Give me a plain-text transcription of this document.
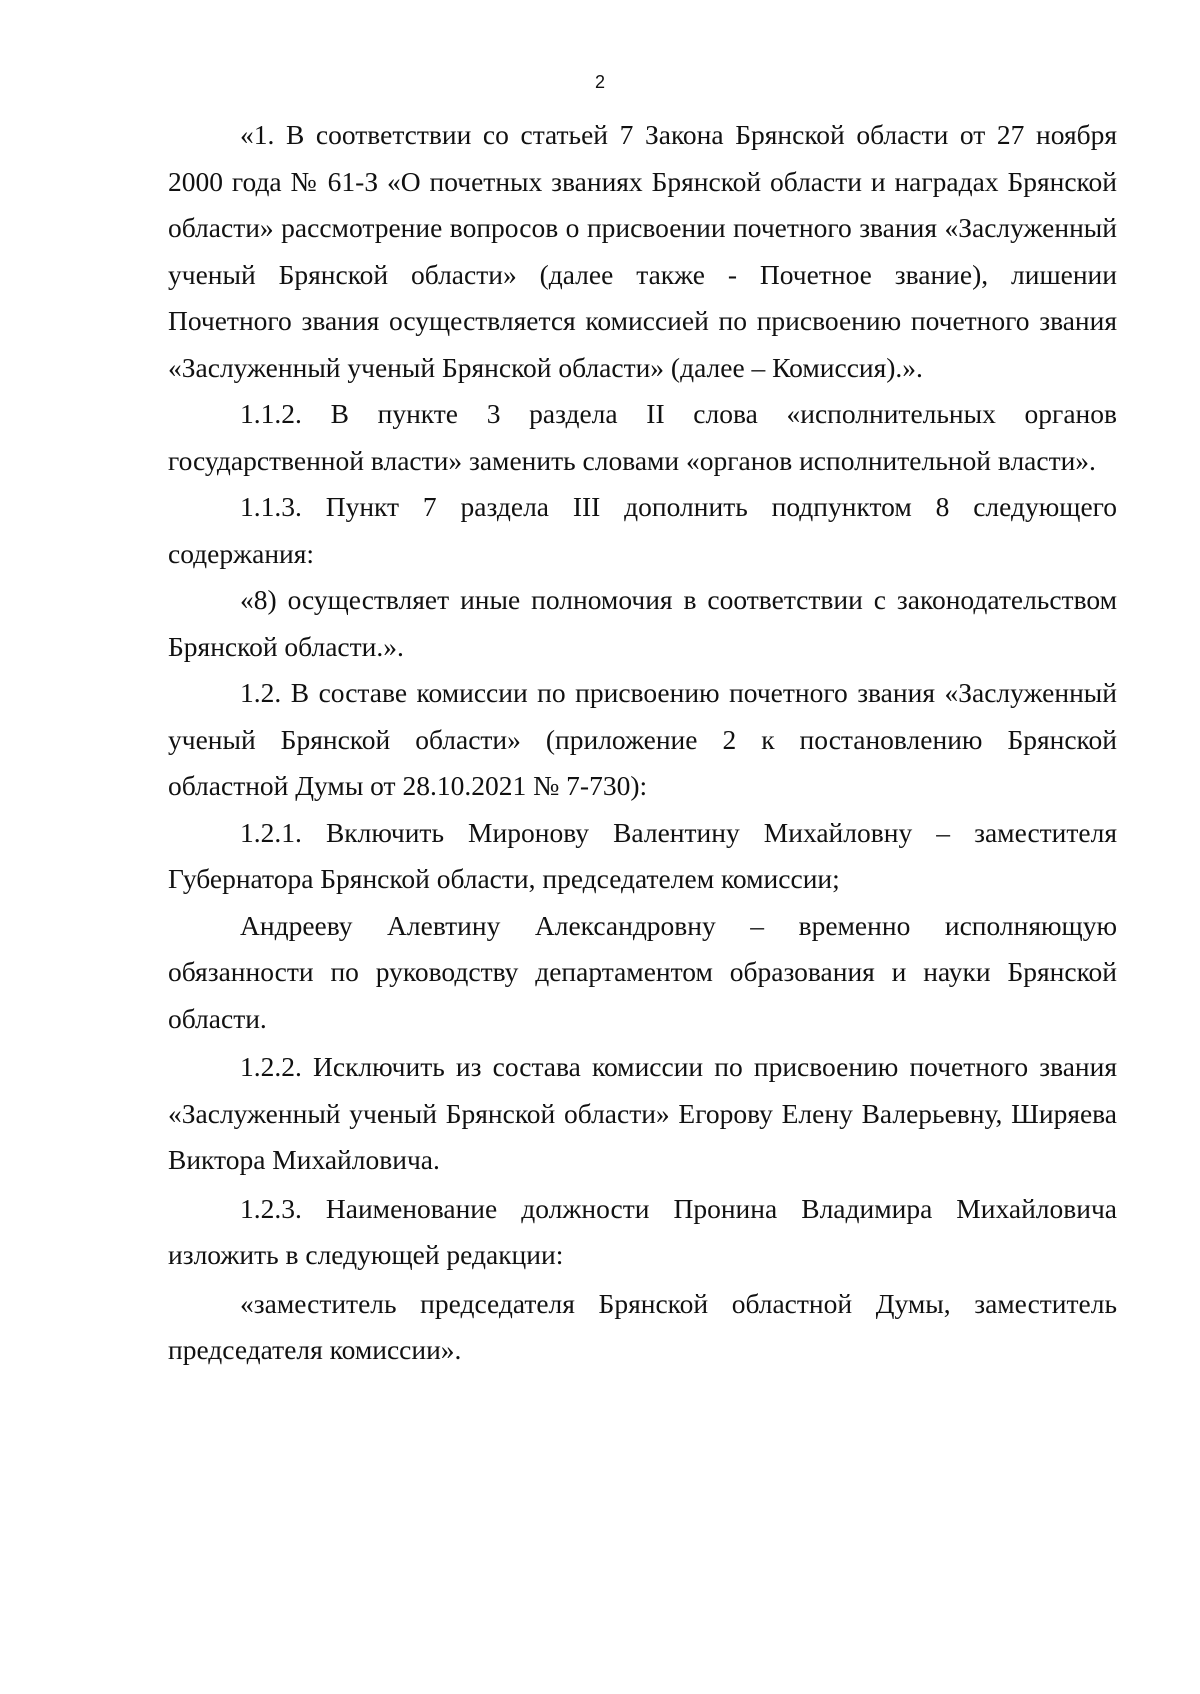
2

«1. В соответствии со статьей 7 Закона Брянской области от 27 ноября 2000 года № 61-З «О почетных званиях Брянской области и наградах Брянской области» рассмотрение вопросов о присвоении почетного звания «Заслуженный ученый Брянской области» (далее также - Почетное звание), лишении Почетного звания осуществляется комиссией по присвоению почетного звания «Заслуженный ученый Брянской области» (далее – Комиссия).».

1.1.2. В пункте 3 раздела II слова «исполнительных органов государственной власти» заменить словами «органов исполнительной власти».

1.1.3. Пункт 7 раздела III дополнить подпунктом 8 следующего содержания:

«8) осуществляет иные полномочия в соответствии с законодательством Брянской области.».

1.2. В составе комиссии по присвоению почетного звания «Заслуженный ученый Брянской области» (приложение 2 к постановлению Брянской областной Думы от 28.10.2021 № 7-730):

1.2.1. Включить Миронову Валентину Михайловну – заместителя Губернатора Брянской области, председателем комиссии;

Андрееву Алевтину Александровну – временно исполняющую обязанности по руководству департаментом образования и науки Брянской области.

1.2.2. Исключить из состава комиссии по присвоению почетного звания «Заслуженный ученый Брянской области» Егорову Елену Валерьевну, Ширяева Виктора Михайловича.

1.2.3. Наименование должности Пронина Владимира Михайловича изложить в следующей редакции:

«заместитель председателя Брянской областной Думы, заместитель председателя комиссии».
